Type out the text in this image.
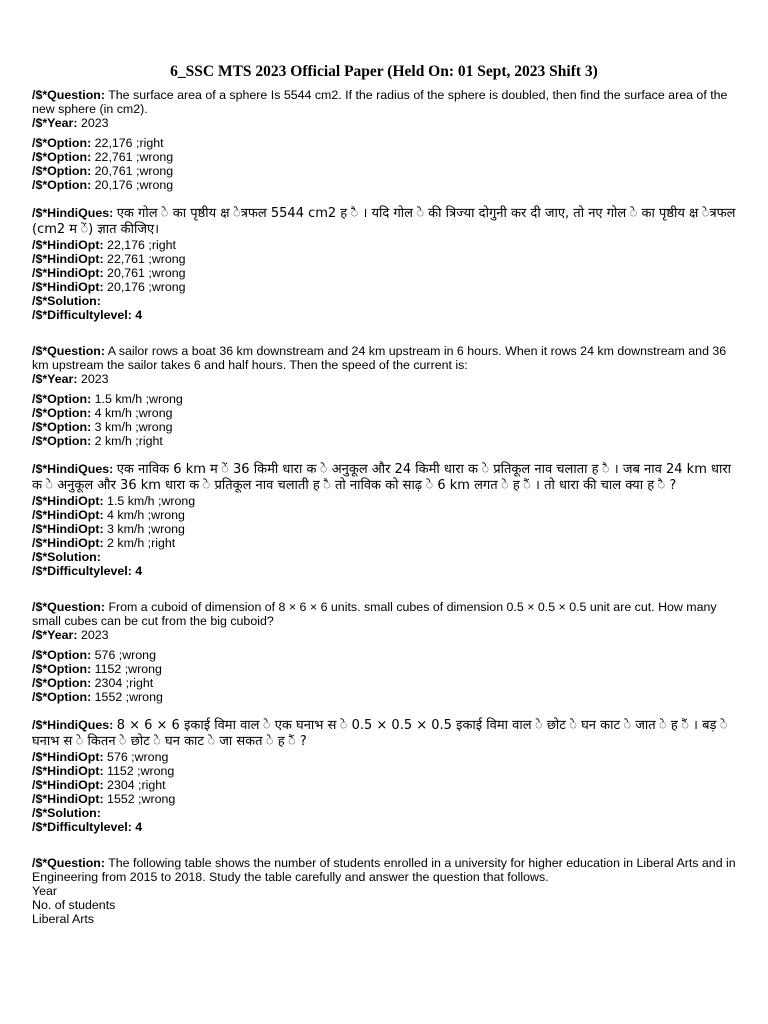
6_SSC MTS 2023 Official Paper (Held On: 01 Sept, 2023 Shift 3)
/$*Question: The surface area of a sphere Is 5544 cm2. If the radius of the sphere is doubled, then find the surface area of the new sphere (in cm2).
/$*Year: 2023
/$*Option: 22,176 ;right
/$*Option: 22,761 ;wrong
/$*Option: 20,761 ;wrong
/$*Option: 20,176 ;wrong
/$*HindiQues: एक गोल े का पृष्ठीय क्ष ेत्रफल 5544 cm2 ह ै । यदि गोल े की त्रिज्या दोगुनी कर दी जाए, तो नए गोल े का पृष्ठीय क्ष ेत्रफल (cm2 म ें) ज्ञात कीजिए।
/$*HindiOpt: 22,176 ;right
/$*HindiOpt: 22,761 ;wrong
/$*HindiOpt: 20,761 ;wrong
/$*HindiOpt: 20,176 ;wrong
/$*Solution:
/$*Difficultylevel: 4
/$*Question: A sailor rows a boat 36 km downstream and 24 km upstream in 6 hours. When it rows 24 km downstream and 36 km upstream the sailor takes 6 and half hours. Then the speed of the current is:
/$*Year: 2023
/$*Option: 1.5 km/h ;wrong
/$*Option: 4 km/h ;wrong
/$*Option: 3 km/h ;wrong
/$*Option: 2 km/h ;right
/$*HindiQues: एक नाविक 6 km म ें 36 किमी धारा क े अनुकूल और 24 किमी धारा क े प्रतिकूल नाव चलाता ह ै । जब नाव 24 km धारा क े अनुकूल और 36 km धारा क े प्रतिकूल नाव चलाती ह ै तो नाविक को साढ़ े 6 km लगत े ह ैं । तो धारा की चाल क्या ह ै ?
/$*HindiOpt: 1.5 km/h ;wrong
/$*HindiOpt: 4 km/h ;wrong
/$*HindiOpt: 3 km/h ;wrong
/$*HindiOpt: 2 km/h ;right
/$*Solution:
/$*Difficultylevel: 4
/$*Question: From a cuboid of dimension of 8 × 6 × 6 units. small cubes of dimension 0.5 × 0.5 × 0.5 unit are cut. How many small cubes can be cut from the big cuboid?
/$*Year: 2023
/$*Option: 576 ;wrong
/$*Option: 1152 ;wrong
/$*Option: 2304 ;right
/$*Option: 1552 ;wrong
/$*HindiQues: 8 × 6 × 6 इकाई विमा वाल े एक घनाभ स े 0.5 × 0.5 × 0.5 इकाई विमा वाल े छोट े घन काट े जात े ह ैं । बड़ े घनाभ स े कितन े छोट े घन काट े जा सकत े ह ैं ?
/$*HindiOpt: 576 ;wrong
/$*HindiOpt: 1152 ;wrong
/$*HindiOpt: 2304 ;right
/$*HindiOpt: 1552 ;wrong
/$*Solution:
/$*Difficultylevel: 4
/$*Question: The following table shows the number of students enrolled in a university for higher education in Liberal Arts and in Engineering from 2015 to 2018. Study the table carefully and answer the question that follows.
Year
No. of students
Liberal Arts
